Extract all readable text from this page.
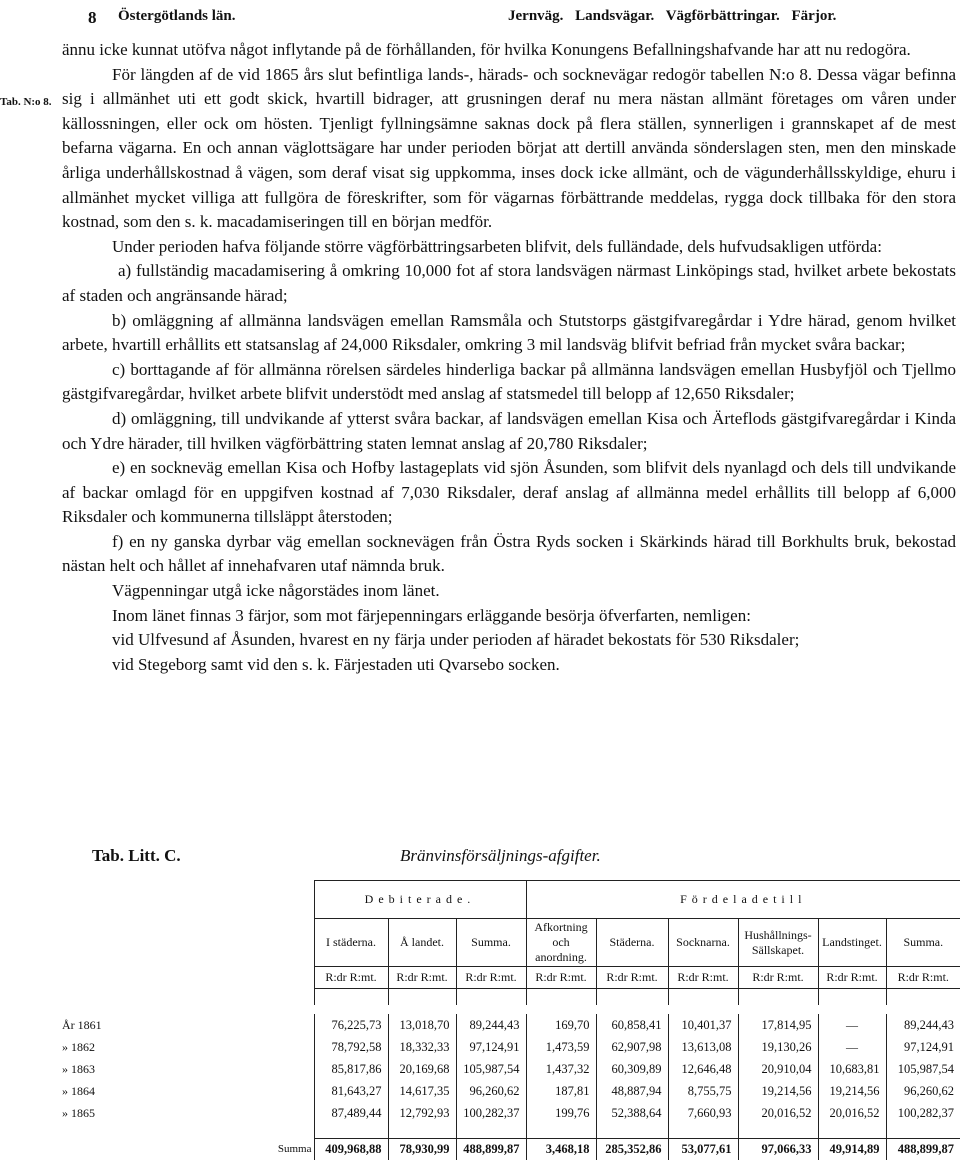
8 Östergötlands län.	Jernväg. Landsvägar. Vägförbättringar. Färjor.
Tab. N:o 8.

ännu icke kunnat utöfva något inflytande på de förhållanden, för hvilka Konungens Befallningshafvande har att nu redogöra.

För längden af de vid 1865 års slut befintliga lands-, härads- och socknevägar redogör tabellen N:o 8. Dessa vägar befinna sig i allmänhet uti ett godt skick, hvartill bidrager, att grusningen deraf nu mera nästan allmänt företages om våren under källossningen, eller ock om hösten. Tjenligt fyllningsämne saknas dock på flera ställen, synnerligen i grannskapet af de mest befarna vägarna. En och annan väglottsägare har under perioden börjat att dertill använda sönderslagen sten, men den minskade årliga underhållskostnad å vägen, som deraf visat sig uppkomma, inses dock icke allmänt, och de vägunderhållsskyldige, ehuru i allmänhet mycket villiga att fullgöra de föreskrifter, som för vägarnas förbättrande meddelas, rygga dock tillbaka för den stora kostnad, som den s. k. macadamiseringen till en början medför.

Under perioden hafva följande större vägförbättringsarbeten blifvit, dels fulländade, dels hufvudsakligen utförda:

a) fullständig macadamisering å omkring 10,000 fot af stora landsvägen närmast Linköpings stad, hvilket arbete bekostats af staden och angränsande härad;

b) omläggning af allmänna landsvägen emellan Ramsmåla och Stutstorps gästgifvaregårdar i Ydre härad, genom hvilket arbete, hvartill erhållits ett statsanslag af 24,000 Riksdaler, omkring 3 mil landsväg blifvit befriad från mycket svåra backar;

c) borttagande af för allmänna rörelsen särdeles hinderliga backar på allmänna landsvägen emellan Husbyfjöl och Tjellmo gästgifvaregårdar, hvilket arbete blifvit understödt med anslag af statsmedel till belopp af 12,650 Riksdaler;

d) omläggning, till undvikande af ytterst svåra backar, af landsvägen emellan Kisa och Ärteflods gästgifvaregårdar i Kinda och Ydre härader, till hvilken vägförbättring staten lemnat anslag af 20,780 Riksdaler;

e) en sockneväg emellan Kisa och Hofby lastageplats vid sjön Åsunden, som blifvit dels nyanlagd och dels till undvikande af backar omlagd för en uppgifven kostnad af 7,030 Riksdaler, deraf anslag af allmänna medel erhållits till belopp af 6,000 Riksdaler och kommunerna tillsläppt återstoden;

f) en ny ganska dyrbar väg emellan socknevägen från Östra Ryds socken i Skärkinds härad till Borkhults bruk, bekostad nästan helt och hållet af innehafvaren utaf nämnda bruk.

Vägpenningar utgå icke någorstädes inom länet.

Inom länet finnas 3 färjor, som mot färjepenningars erläggande besörja öfverfarten, nemligen:

vid Ulfvesund af Åsunden, hvarest en ny färja under perioden af häradet bekostats för 530 Riksdaler;

vid Stegeborg samt vid den s. k. Färjestaden uti Qvarsebo socken.

Tab. Litt. C.	Bränvinsförsäljnings-afgifter.
	Debiterade.			Fördeladetill					
	I städerna.	Å landet.	Summa.	Afkortning och anordning.	Städerna.	Socknarna.	Hushållnings-Sällskapet.	Landstinget.	Summa.
	R:dr R:mt.	R:dr R:mt.	R:dr R:mt.	R:dr R:mt.	R:dr R:mt.	R:dr R:mt.	R:dr R:mt.	R:dr R:mt.	R:dr R:mt.

År 1861	76,225,73	13,018,70	89,244,43	169,70	60,858,41	10,401,37	17,814,95	—	89,244,43
» 1862	78,792,58	18,332,33	97,124,91	1,473,59	62,907,98	13,613,08	19,130,26	—	97,124,91
» 1863	85,817,86	20,169,68	105,987,54	1,437,32	60,309,89	12,646,48	20,910,04	10,683,81	105,987,54
» 1864	81,643,27	14,617,35	96,260,62	187,81	48,887,94	8,755,75	19,214,56	19,214,56	96,260,62
» 1865	87,489,44	12,792,93	100,282,37	199,76	52,388,64	7,660,93	20,016,52	20,016,52	100,282,37

Summa	409,968,88	78,930,99	488,899,87	3,468,18	285,352,86	53,077,61	97,066,33	49,914,89	488,899,87
